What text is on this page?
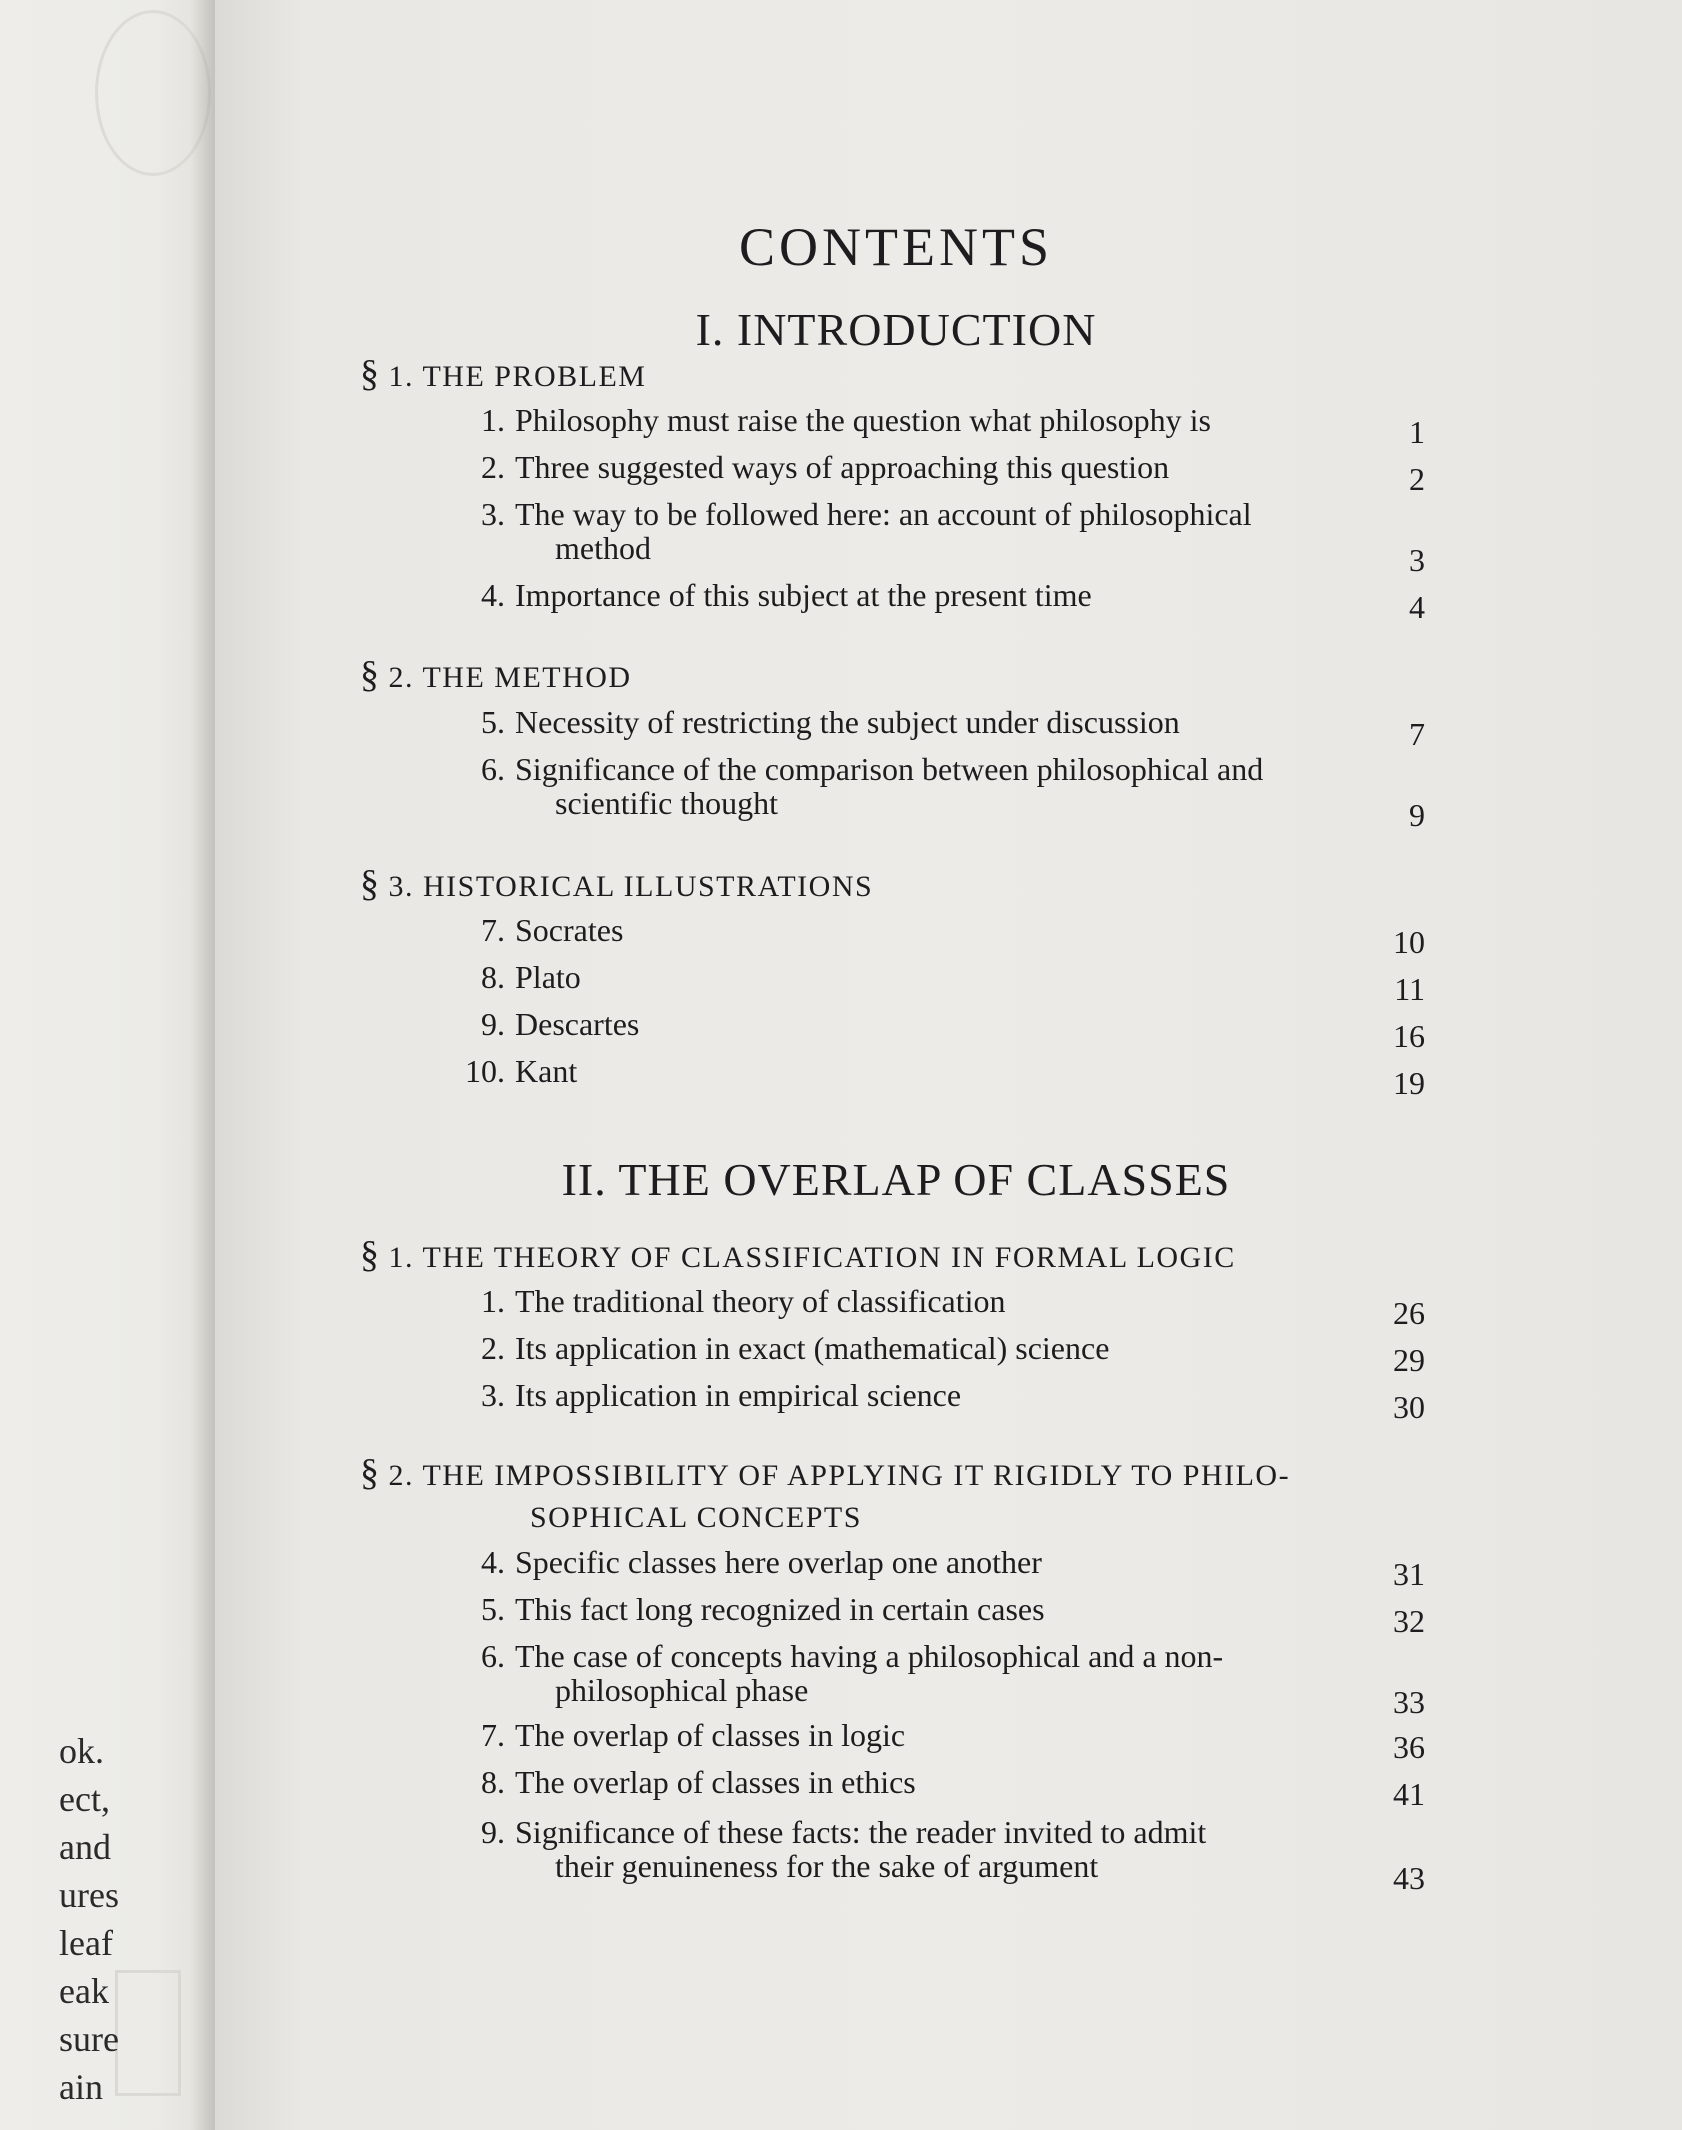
ok.
ect,
and
ures
leaf
eak
sure
ain
CONTENTS
I. INTRODUCTION
§ 1. THE PROBLEM
1. Philosophy must raise the question what philosophy is	1
2. Three suggested ways of approaching this question	2
3. The way to be followed here: an account of philosophical
method	3
4. Importance of this subject at the present time	4
§ 2. THE METHOD
5. Necessity of restricting the subject under discussion	7
6. Significance of the comparison between philosophical and
scientific thought	9
§ 3. HISTORICAL ILLUSTRATIONS
7. Socrates	10
8. Plato	11
9. Descartes	16
10. Kant	19
II. THE OVERLAP OF CLASSES
§ 1. THE THEORY OF CLASSIFICATION IN FORMAL LOGIC
1. The traditional theory of classification	26
2. Its application in exact (mathematical) science	29
3. Its application in empirical science	30
§ 2. THE IMPOSSIBILITY OF APPLYING IT RIGIDLY TO PHILO-
SOPHICAL CONCEPTS
4. Specific classes here overlap one another	31
5. This fact long recognized in certain cases	32
6. The case of concepts having a philosophical and a non-
philosophical phase	33
7. The overlap of classes in logic	36
8. The overlap of classes in ethics	41
9. Significance of these facts: the reader invited to admit
their genuineness for the sake of argument	43
